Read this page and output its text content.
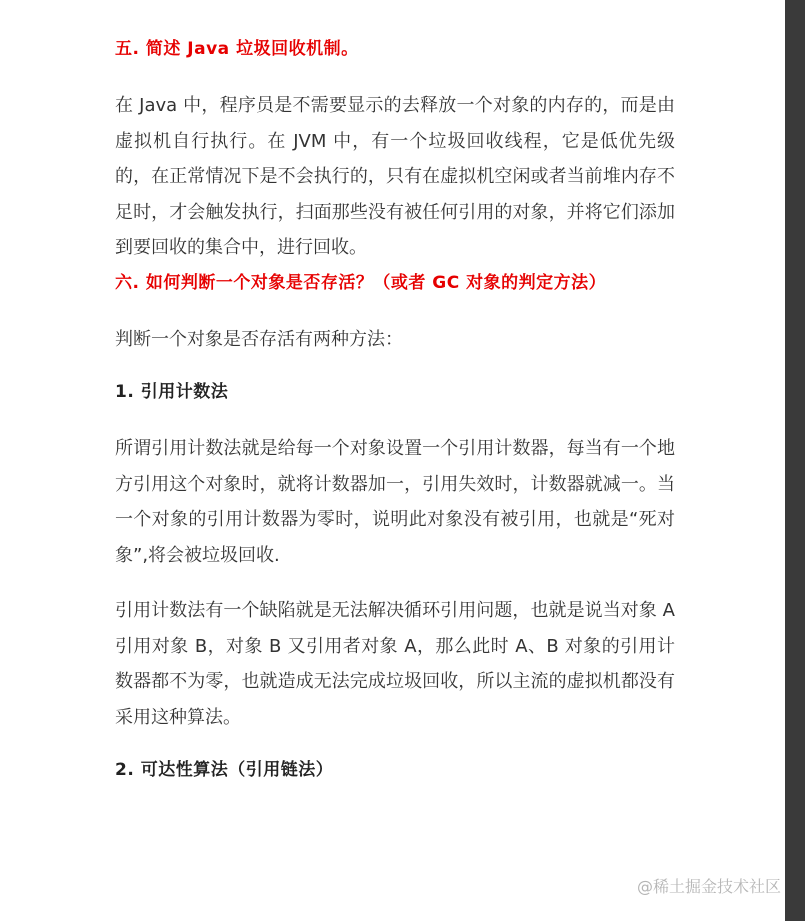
五. 简述 Java 垃圾回收机制。

在 Java 中，程序员是不需要显示的去释放一个对象的内存的，而是由虚拟机自行执行。在 JVM 中，有一个垃圾回收线程，它是低优先级的，在正常情况下是不会执行的，只有在虚拟机空闲或者当前堆内存不足时，才会触发执行，扫面那些没有被任何引用的对象，并将它们添加到要回收的集合中，进行回收。

六. 如何判断一个对象是否存活？（或者 GC 对象的判定方法）

判断一个对象是否存活有两种方法：

1. 引用计数法

所谓引用计数法就是给每一个对象设置一个引用计数器，每当有一个地方引用这个对象时，就将计数器加一，引用失效时，计数器就减一。当一个对象的引用计数器为零时，说明此对象没有被引用，也就是“死对象”,将会被垃圾回收.

引用计数法有一个缺陷就是无法解决循环引用问题，也就是说当对象 A 引用对象 B，对象 B 又引用者对象 A，那么此时 A、B 对象的引用计数器都不为零，也就造成无法完成垃圾回收，所以主流的虚拟机都没有采用这种算法。

2. 可达性算法（引用链法）
@稀土掘金技术社区
